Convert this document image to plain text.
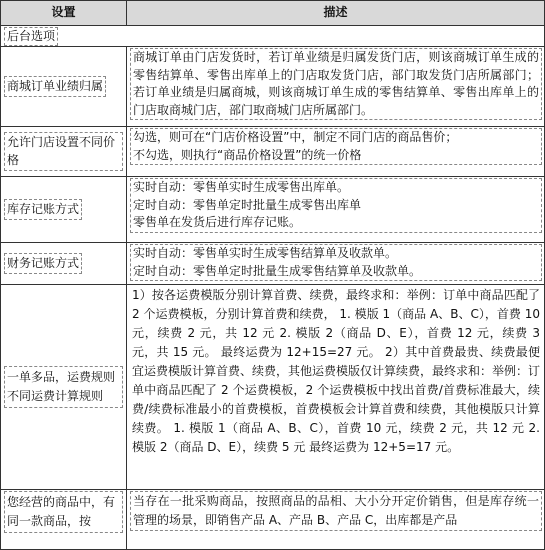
设置	描述
后台选项	
商城订单业绩归属	商城订单由门店发货时，若订单业绩是归属发货门店，则该商城订单生成的零售结算单、零售出库单上的门店取发货门店，部门取发货门店所属部门；若订单业绩是归属商城，则该商城订单生成的零售结算单、零售出库单上的门店取商城门店，部门取商城门店所属部门。

允许门店设置不同价格	勾选，则可在“门店价格设置”中，制定不同门店的商品售价；
不勾选，则执行“商品价格设置”的统一价格

库存记账方式	实时自动：零售单实时生成零售出库单。
定时自动：零售单定时批量生成零售出库单
零售单在发货后进行库存记账。

财务记账方式	实时自动：零售单实时生成零售结算单及收款单。
定时自动：零售单定时批量生成零售结算单及收款单。

一单多品，运费规则不同运费计算规则	1）按各运费模版分别计算首费、续费，最终求和：举例：订单中商品匹配了 2 个运费模板，分别计算首费和续费， 1. 模版 1（商品 A、B、C），首费 10 元，续费 2 元，共 12 元 2. 模版 2（商品 D、E），首费 12 元，续费 3 元，共 15 元。 最终运费为 12+15=27 元。 2）其中首费最贵、续费最便宜运费模版计算首费、续费，其他运费模版仅计算续费，最终求和：举例：订单中商品匹配了 2 个运费模板，2 个运费模板中找出首费/首费标准最大，续费/续费标准最小的首费模板，首费模板会计算首费和续费，其他模版只计算续费。 1. 模版 1（商品 A、B、C），首费 10 元，续费 2 元，共 12 元 2. 模版 2（商品 D、E），续费 5 元 最终运费为 12+5=17 元。

您经营的商品中，有同一款商品，按	当存在一批采购商品，按照商品的品相、大小分开定价销售，但是库存统一管理的场景，即销售产品 A、产品 B、产品 C，出库都是产品
